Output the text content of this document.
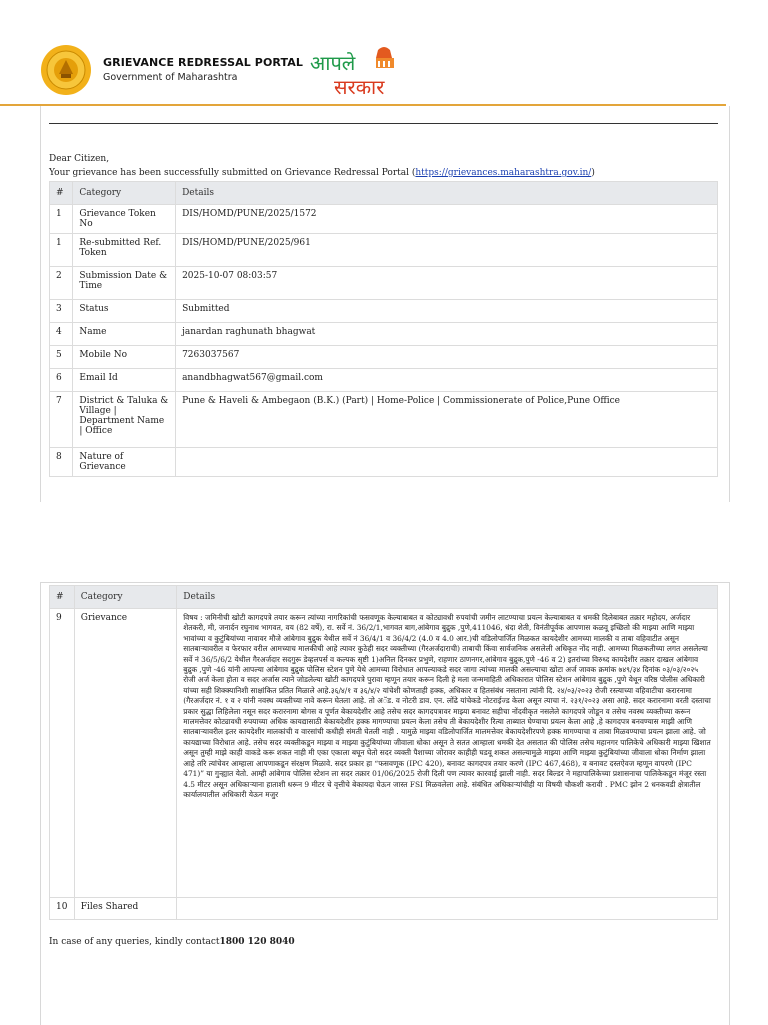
GRIEVANCE REDRESSAL PORTAL
Government of Maharashtra
आपले
सरकार
Dear Citizen,
Your grievance has been successfully submitted on Grievance Redressal Portal (https://grievances.maharashtra.gov.in/)
#	Category	Details
1	Grievance Token No	DIS/HOMD/PUNE/2025/1572
1	Re-submitted Ref. Token	DIS/HOMD/PUNE/2025/961
2	Submission Date & Time	2025-10-07 08:03:57
3	Status	Submitted
4	Name	janardan raghunath bhagwat
5	Mobile No	7263037567
6	Email Id	anandbhagwat567@gmail.com
7	District & Taluka & Village | Department Name | Office	Pune & Haveli & Ambegaon (B.K.) (Part) | Home-Police | Commissionerate of Police,Pune Office
8	Nature of Grievance	
#	Category	Details
9	Grievance	विषय : जमिनीची खोटी कागदपत्रे तयार करून त्यांच्या नागरिकांची फसवणूक केल्याबाबत व कोट्यावधी रुपयांची जमीन लाटण्याचा प्रयत्न केल्याबाबत व धमकी दिलेबाबत तक्रार महोदय, अर्जदार शेतकरी, मी, जनार्दन रघुनाथ भागवत, वय (82 वर्षे), रा. सर्वे नं. 36/2/1,भागवत बाग,आंबेगाव बुद्रुक ,पुणे,411046, धंदा शेती, विनंतीपूर्वक आपणास कळवू इच्छितो की माझ्या आणि माझ्या भावांच्या व कुटुंबियांच्या नावावर मौजे आंबेगाव बुद्रुक येथील सर्वे नं 36/4/1 व 36/4/2 (4.0 व 4.0 आर.)ची वडिलोपार्जित मिळकत कायदेशीर आमच्या मालकी व ताबा वहिवाटीत असून सातबाऱ्यावरील व फेरफार वरील आमच्याच मालकीची आहे त्यावर कुठेही सदर व्यक्तीच्या (गैरअर्जदाराची) ताबाची किंवा सार्वजनिक असलेली अधिकृत नोंद नाही. आमच्या मिळकतीच्या लगत असलेल्या सर्वे नं 36/5/6/2 येथील गैरअर्जदार सदगुरू डेव्हलपर्स व कल्पक सृष्टी 1)अनिल दिनकर प्रभुणे, राहणार ठाणनगर,आंबेगाव बुद्रुक,पुणे -46 व 2) इतरांच्या विरुध्द कायदेशीर तक्रार दाखल आंबेगाव बुद्रुक ,पुणे -46 यांनी आपल्या आंबेगाव बुद्रुक पोलिस स्टेशन पुणे येथे आमच्या विरोधात आपल्याकडे सदर जागा त्यांच्या मालकी असल्याचा खोटा अर्ज जावक क्रमांक ७४९/३४ दिनांक ०३/०३/२०२५ रोजी अर्ज केला होता व सदर अर्जास त्याने जोडलेल्या खोटी कागदपत्रे पुरावा म्हणून तयार करून दिली हे मला जन्ममाहिती अधिकारात पोलिस स्टेशन आंबेगाव बुद्रुक ,पुणे येथून वरिष्ठ पोलीस अधिकारी यांच्या सही शिक्क्यानिशी साक्षांकित प्रतित मिळाले आहे.३६/४/१ व ३६/४/२ यांचेशी कोणताही हक्क, अधिकार व हितसंबंध नसताना त्यांनी दि. २४/०३/२०२३ रोजी रस्त्याच्या वहिवाटीचा करारनामा (गैरअर्जदार नं. १ व २ यांनी नवस्थ व्यक्तीच्या नावे करून घेतला आहे. तो अॅड. व नोटरी डाव. एन. लोंढे यांचेकडे नोटराईज्ड केला असून त्याचा नं. २३१/२०२३ असा आहे. सदर करारनामा वरती दस्ताचा प्रकार सुद्धा लिहिलेला नसून सदर करारनामा बोगस व पूर्णत बेकायदेशीर आहे तसेच सदर कागदपत्रावर माझ्या बनावट सहीचा नोंदवीकृत नसलेले कागदपत्रे जोडून व तसेच नवस्थ व्यक्तीच्या करून मालमत्तेवर कोट्यावधी रुपयाच्या अधिक कायद्यासाठी बेकायदेशीर हक्क मागण्याचा प्रयत्न केला तसेच ती बेकायदेशीर रित्या ताब्यात घेण्याचा प्रयत्न केला आहे ,हे कागदपत्र बनवण्यास माझी आणि सातबाऱ्यावरील इतर कायदेशीर मालकांची व वारसांची कधीही संमती घेतली नाही . यामुळे माझ्या वडिलोपार्जित मालमत्तेवर बेकायदेशीरपणे हक्क मागण्याचा व ताबा मिळवण्याचा प्रयत्न झाला आहे. जो कायद्याच्या विरोधात आहे. तसेच सदर व्यक्तीकडून माझ्या व माझ्या कुटुंबियांच्या जीवाला धोका असून ते सतत आम्हाला धमकी देत असतात की पोलिस तसेच महानगर पालिकेचे अधिकारी माझ्या खिशात असून तुम्ही माझे काही वाकडे करू शकत नाही मी एका एकाला बघून घेतो सदर व्यक्ती पैशाच्या जोरावर काहीही घडवू शकत असल्यामुळे माझ्या आणि माझ्या कुटुंबियांच्या जीवाला धोका निर्माण झाला आहे तरि त्यांचेवर आम्हाला आपणाकडून संरक्षण मिळावे. सदर प्रकार हा “फसवणूक (IPC 420), बनावट कागदपत्र तयार करणे (IPC 467,468), व बनावट दस्तऐवज म्हणून वापरणे (IPC 471)” या गुन्ह्यात येतो. आम्ही आंबेगाव पोलिस स्टेशन ला सदर तक्रार 01/06/2025 रोजी दिली पण त्यावर कारवाई झाली नाही. सदर बिल्डर ने महापालिकेच्या प्रशासनाचा पालिकेकडून मंजूर रस्ता 4.5 मीटर असून अधिकाऱ्याना हाताशी धरून 9 मीटर चे वृत्तीचे बेकायदा घेऊन जास्त FSI मिळवलेला आहे. संबंधित अधिकाऱ्यांचीही या विषयी चौकशी करावी . PMC झोन 2 धनकवडी क्षेत्रातील कार्यालयातील अधिकारी येऊन मजुर
10	Files Shared	
In case of any queries, kindly contact1800 120 8040
